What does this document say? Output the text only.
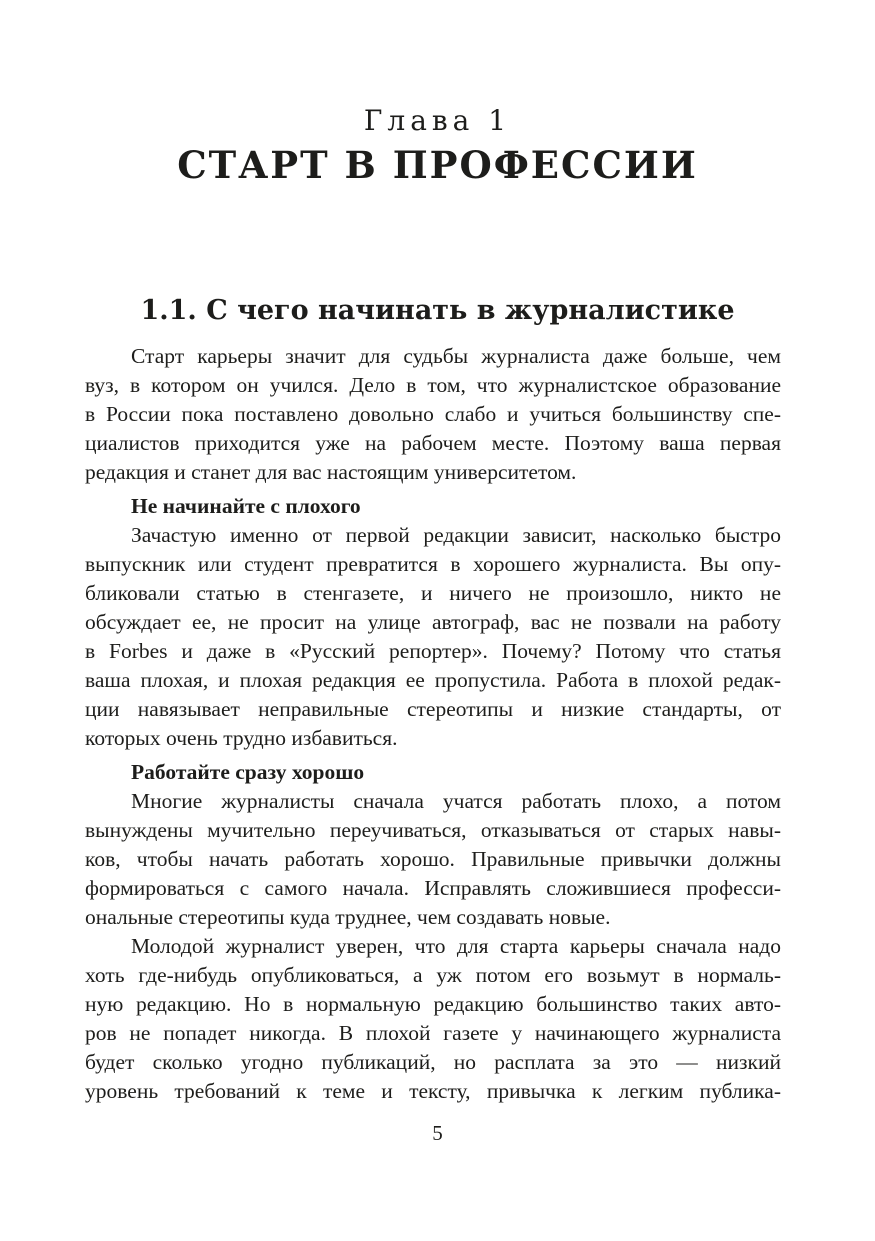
Глава 1
СТАРТ В ПРОФЕССИИ
1.1. С чего начинать в журналистике
Старт карьеры значит для судьбы журналиста даже больше, чем
вуз, в котором он учился. Дело в том, что журналистское образование
в России пока поставлено довольно слабо и учиться большинству спе-
циалистов приходится уже на рабочем месте. Поэтому ваша первая
редакция и станет для вас настоящим университетом.
Не начинайте с плохого
Зачастую именно от первой редакции зависит, насколько быстро
выпускник или студент превратится в хорошего журналиста. Вы опу-
бликовали статью в стенгазете, и ничего не произошло, никто не
обсуждает ее, не просит на улице автограф, вас не позвали на работу
в Forbes и даже в «Русский репортер». Почему? Потому что статья
ваша плохая, и плохая редакция ее пропустила. Работа в плохой редак-
ции навязывает неправильные стереотипы и низкие стандарты, от
которых очень трудно избавиться.
Работайте сразу хорошо
Многие журналисты сначала учатся работать плохо, а потом
вынуждены мучительно переучиваться, отказываться от старых навы-
ков, чтобы начать работать хорошо. Правильные привычки должны
формироваться с самого начала. Исправлять сложившиеся професси-
ональные стереотипы куда труднее, чем создавать новые.
Молодой журналист уверен, что для старта карьеры сначала надо
хоть где-нибудь опубликоваться, а уж потом его возьмут в нормаль-
ную редакцию. Но в нормальную редакцию большинство таких авто-
ров не попадет никогда. В плохой газете у начинающего журналиста
будет сколько угодно публикаций, но расплата за это — низкий
уровень требований к теме и тексту, привычка к легким публика-
5
